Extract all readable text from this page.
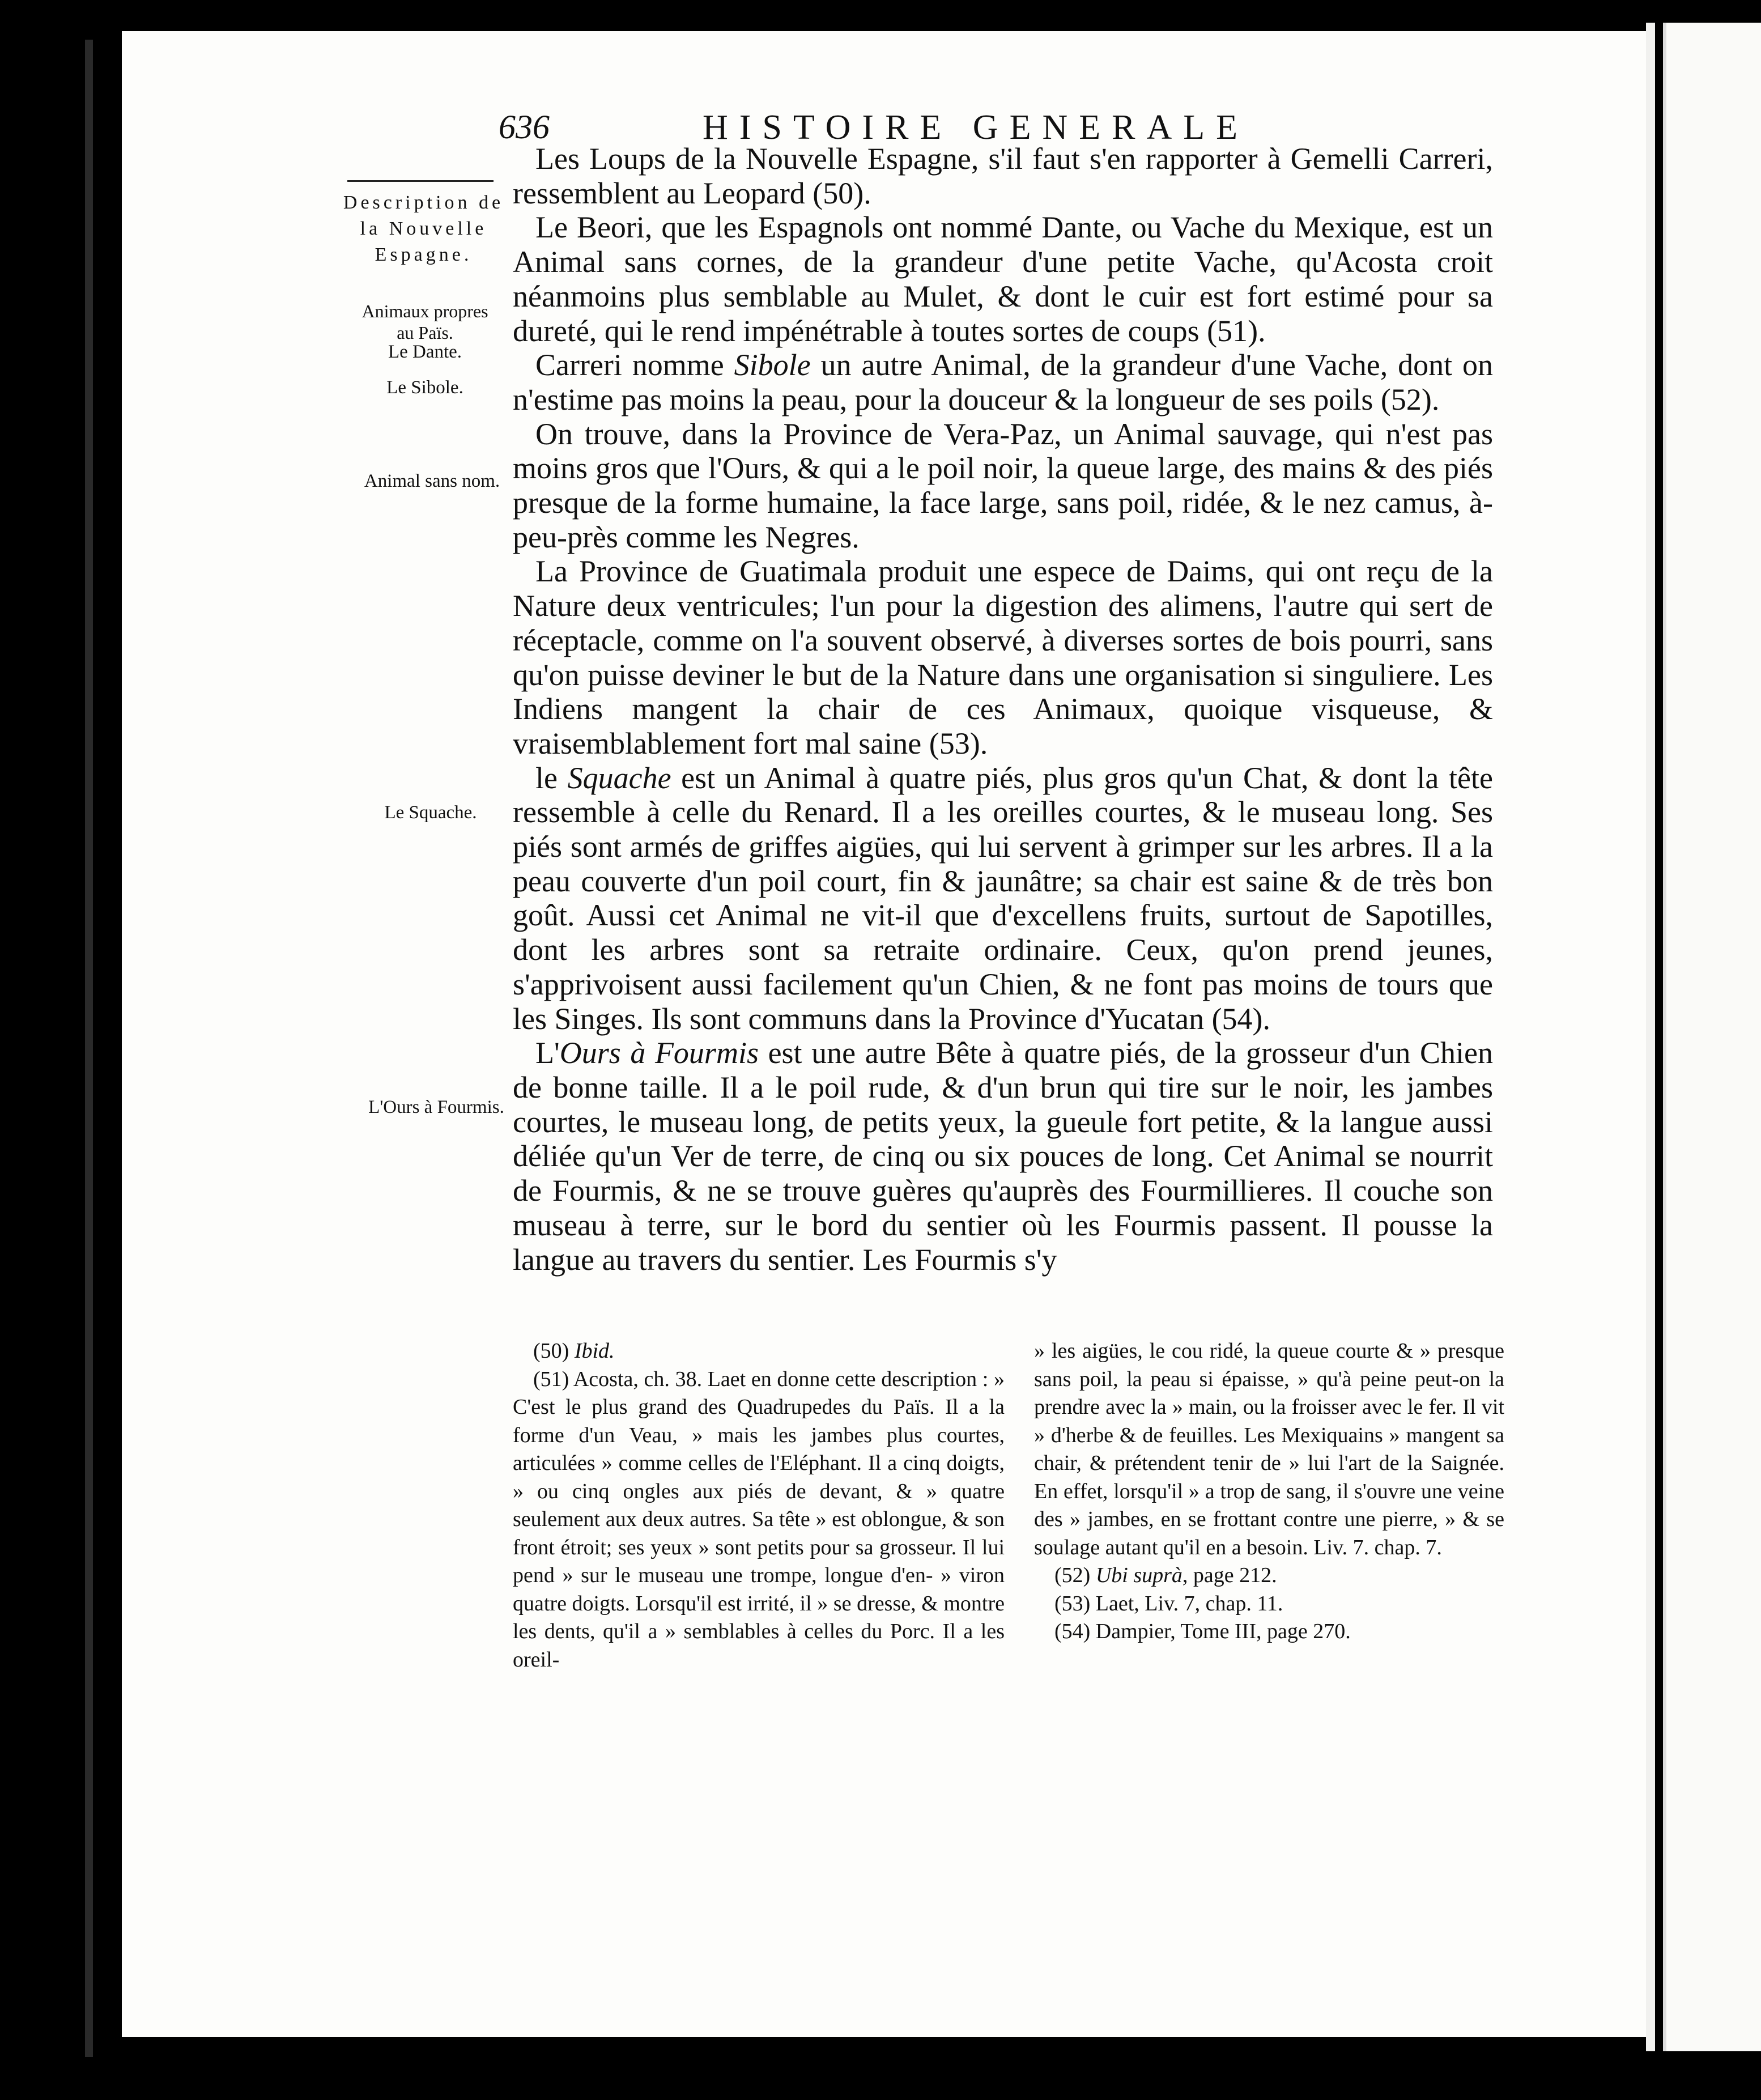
636	HISTOIRE GENERALE
Description de la Nouvelle Espagne.
Animaux propres au Païs.
Le Dante.
Le Sibole.
Animal sans nom.
Le Squache.
L'Ours à Fourmis.

Les Loups de la Nouvelle Espagne, s'il faut s'en rapporter à Gemelli Carreri, ressemblent au Leopard (50).

Le Beori, que les Espagnols ont nommé Dante, ou Vache du Mexique, est un Animal sans cornes, de la grandeur d'une petite Vache, qu'Acosta croit néanmoins plus semblable au Mulet, & dont le cuir est fort estimé pour sa dureté, qui le rend impénétrable à toutes sortes de coups (51).

Carreri nomme Sibole un autre Animal, de la grandeur d'une Vache, dont on n'estime pas moins la peau, pour la douceur & la longueur de ses poils (52).

On trouve, dans la Province de Vera-Paz, un Animal sauvage, qui n'est pas moins gros que l'Ours, & qui a le poil noir, la queue large, des mains & des piés presque de la forme humaine, la face large, sans poil, ridée, & le nez camus, à-peu-près comme les Negres.

La Province de Guatimala produit une espece de Daims, qui ont reçu de la Nature deux ventricules; l'un pour la digestion des alimens, l'autre qui sert de réceptacle, comme on l'a souvent observé, à diverses sortes de bois pourri, sans qu'on puisse deviner le but de la Nature dans une organisation si singuliere. Les Indiens mangent la chair de ces Animaux, quoique visqueuse, & vraisemblablement fort mal saine (53).

le Squache est un Animal à quatre piés, plus gros qu'un Chat, & dont la tête ressemble à celle du Renard. Il a les oreilles courtes, & le museau long. Ses piés sont armés de griffes aigües, qui lui servent à grimper sur les arbres. Il a la peau couverte d'un poil court, fin & jaunâtre; sa chair est saine & de très bon goût. Aussi cet Animal ne vit-il que d'excellens fruits, surtout de Sapotilles, dont les arbres sont sa retraite ordinaire. Ceux, qu'on prend jeunes, s'apprivoisent aussi facilement qu'un Chien, & ne font pas moins de tours que les Singes. Ils sont communs dans la Province d'Yucatan (54).

L'Ours à Fourmis est une autre Bête à quatre piés, de la grosseur d'un Chien de bonne taille. Il a le poil rude, & d'un brun qui tire sur le noir, les jambes courtes, le museau long, de petits yeux, la gueule fort petite, & la langue aussi déliée qu'un Ver de terre, de cinq ou six pouces de long. Cet Animal se nourrit de Fourmis, & ne se trouve guères qu'auprès des Fourmillieres. Il couche son museau à terre, sur le bord du sentier où les Fourmis passent. Il pousse la langue au travers du sentier. Les Fourmis s'y

(50) Ibid.

(51) Acosta, ch. 38. Laet en donne cette description : » C'est le plus grand des Quadrupedes du Païs. Il a la forme d'un Veau, » mais les jambes plus courtes, articulées » comme celles de l'Eléphant. Il a cinq doigts, » ou cinq ongles aux piés de devant, & » quatre seulement aux deux autres. Sa tête » est oblongue, & son front étroit; ses yeux » sont petits pour sa grosseur. Il lui pend » sur le museau une trompe, longue d'en- » viron quatre doigts. Lorsqu'il est irrité, il » se dresse, & montre les dents, qu'il a » semblables à celles du Porc. Il a les oreil-

» les aigües, le cou ridé, la queue courte & » presque sans poil, la peau si épaisse, » qu'à peine peut-on la prendre avec la » main, ou la froisser avec le fer. Il vit » d'herbe & de feuilles. Les Mexiquains » mangent sa chair, & prétendent tenir de » lui l'art de la Saignée. En effet, lorsqu'il » a trop de sang, il s'ouvre une veine des » jambes, en se frottant contre une pierre, » & se soulage autant qu'il en a besoin. Liv. 7. chap. 7.

(52) Ubi suprà, page 212.

(53) Laet, Liv. 7, chap. 11.

(54) Dampier, Tome III, page 270.
